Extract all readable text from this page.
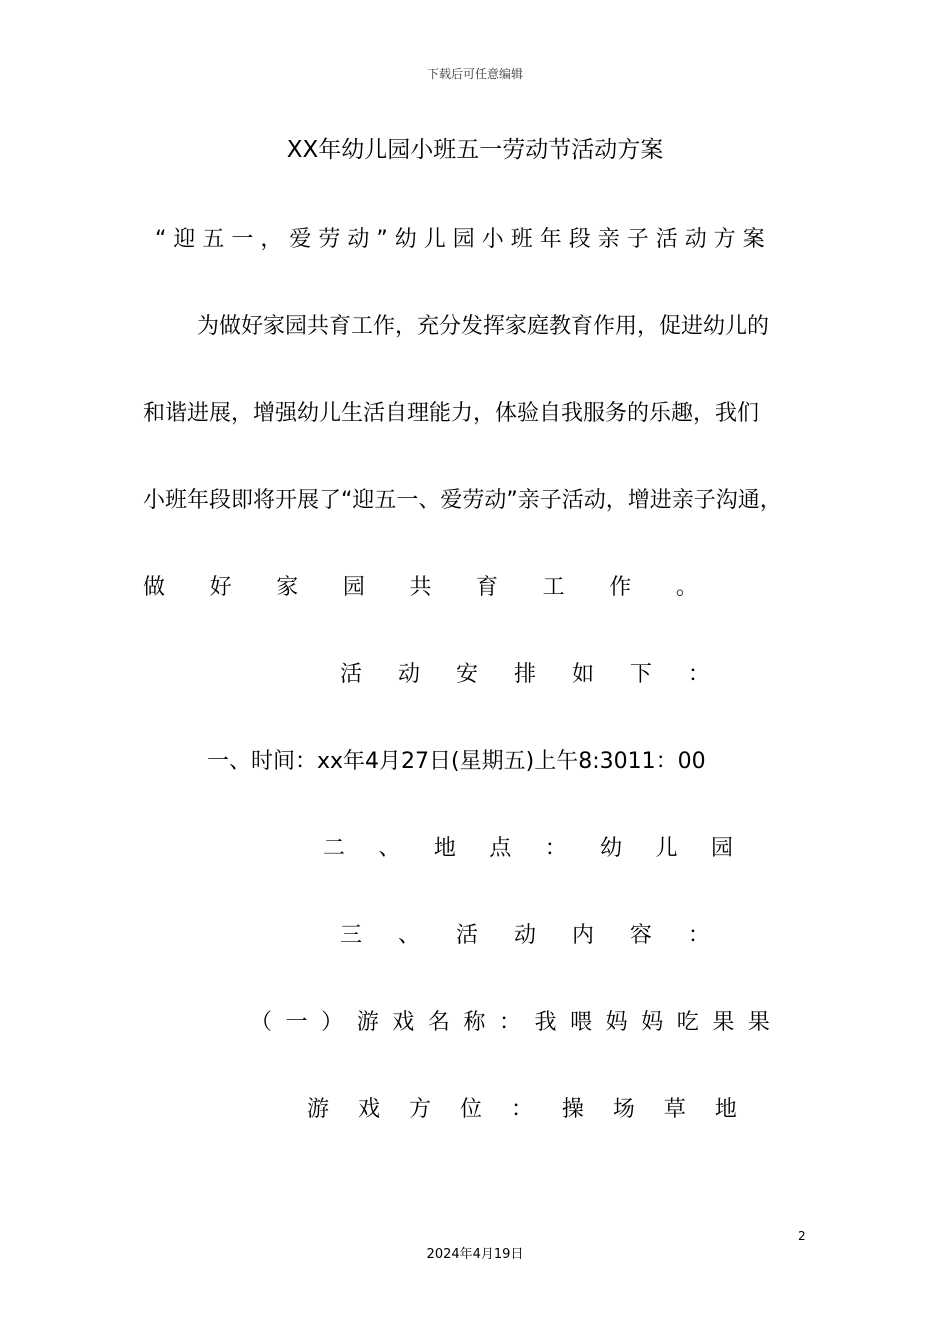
下载后可任意编辑
XX年幼儿园小班五一劳动节活动方案
“迎五一，爱劳动”幼儿园小班年段亲子活动方案
为做好家园共育工作，充分发挥家庭教育作用，促进幼儿的
和谐进展，增强幼儿生活自理能力，体验自我服务的乐趣，我们
小班年段即将开展了“迎五一、爱劳动”亲子活动，增进亲子沟通，
做 好 家 园 共 育 工 作 。
活 动 安 排 如 下 ：
一、时间：xx年4月27日(星期五)上午8:3011：00
二 、 地 点 ： 幼 儿 园
三 、 活 动 内 容 ：
（ 一 ） 游 戏 名 称 ： 我 喂 妈 妈 吃 果 果
游 戏 方 位 ： 操 场 草 地
2
2024年4月19日
